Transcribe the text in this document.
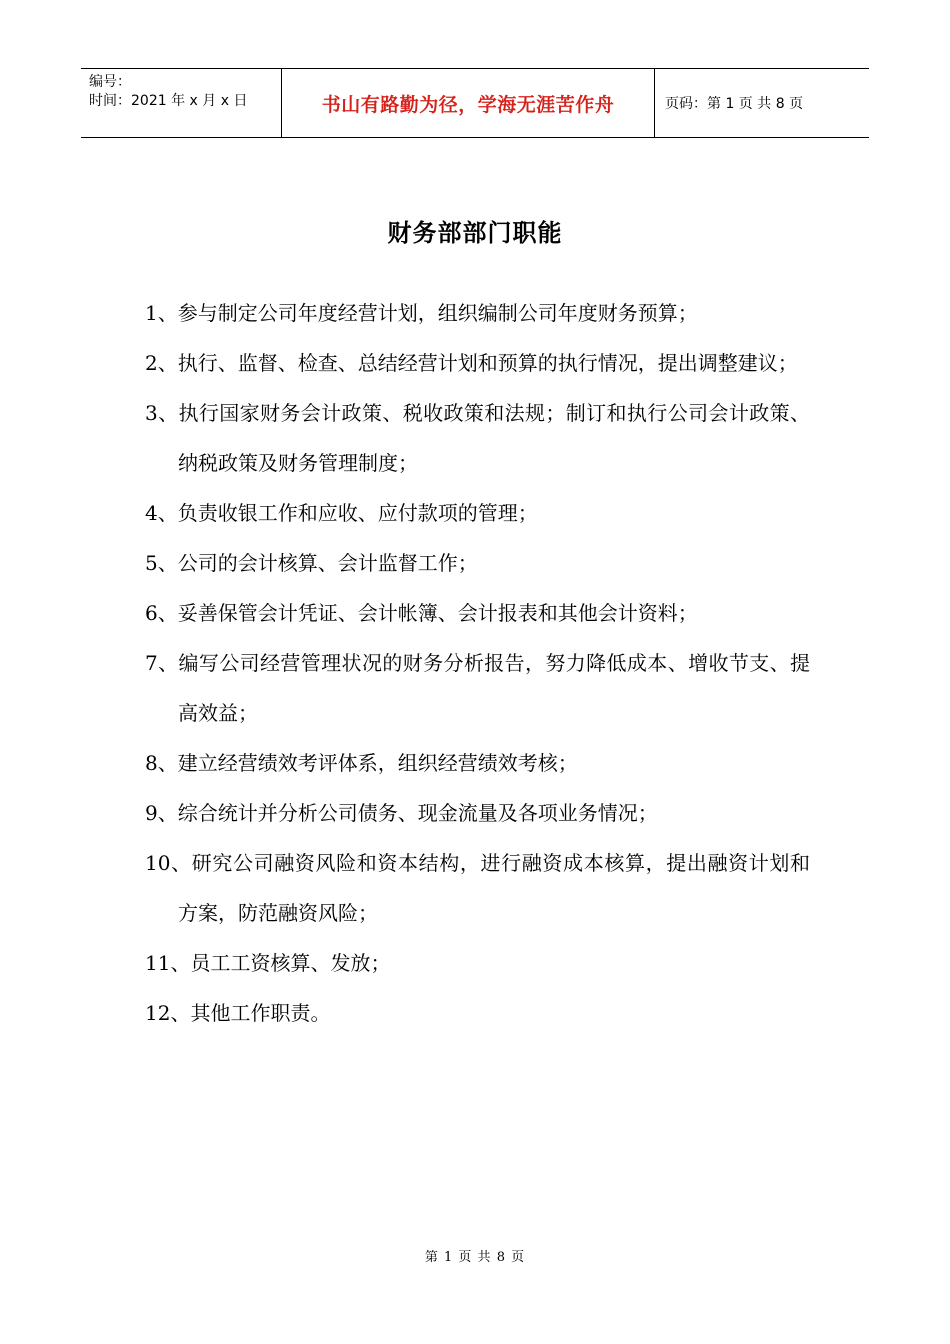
编号：
时间：2021 年 x 月 x 日	书山有路勤为径，学海无涯苦作舟	页码：第 1 页 共 8 页
财务部部门职能

1、参与制定公司年度经营计划，组织编制公司年度财务预算；

2、执行、监督、检查、总结经营计划和预算的执行情况，提出调整建议；

3、执行国家财务会计政策、税收政策和法规；制订和执行公司会计政策、纳税政策及财务管理制度；

4、负责收银工作和应收、应付款项的管理；

5、公司的会计核算、会计监督工作；

6、妥善保管会计凭证、会计帐簿、会计报表和其他会计资料；

7、编写公司经营管理状况的财务分析报告，努力降低成本、增收节支、提高效益；

8、建立经营绩效考评体系，组织经营绩效考核；

9、综合统计并分析公司债务、现金流量及各项业务情况；

10、研究公司融资风险和资本结构，进行融资成本核算，提出融资计划和方案，防范融资风险；

11、员工工资核算、发放；

12、其他工作职责。

第 1 页 共 8 页
